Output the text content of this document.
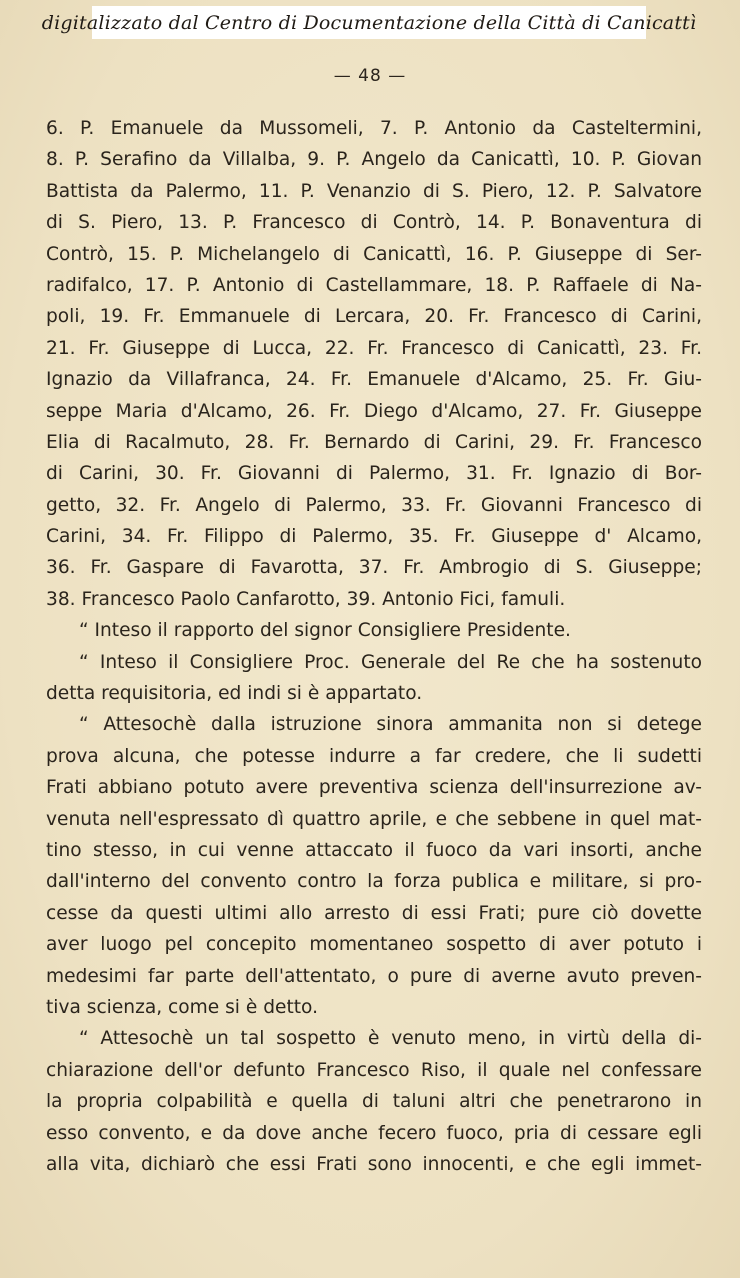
digitalizzato dal Centro di Documentazione della Città di Canicattì
— 48 —
6. P. Emanuele da Mussomeli, 7. P. Antonio da Casteltermini,
8. P. Serafino da Villalba, 9. P. Angelo da Canicattì, 10. P. Giovan
Battista da Palermo, 11. P. Venanzio di S. Piero, 12. P. Salvatore
di S. Piero, 13. P. Francesco di Contrò, 14. P. Bonaventura di
Contrò, 15. P. Michelangelo di Canicattì, 16. P. Giuseppe di Ser-
radifalco, 17. P. Antonio di Castellammare, 18. P. Raffaele di Na-
poli, 19. Fr. Emmanuele di Lercara, 20. Fr. Francesco di Carini,
21. Fr. Giuseppe di Lucca, 22. Fr. Francesco di Canicattì, 23. Fr.
Ignazio da Villafranca, 24. Fr. Emanuele d'Alcamo, 25. Fr. Giu-
seppe Maria d'Alcamo, 26. Fr. Diego d'Alcamo, 27. Fr. Giuseppe
Elia di Racalmuto, 28. Fr. Bernardo di Carini, 29. Fr. Francesco
di Carini, 30. Fr. Giovanni di Palermo, 31. Fr. Ignazio di Bor-
getto, 32. Fr. Angelo di Palermo, 33. Fr. Giovanni Francesco di
Carini, 34. Fr. Filippo di Palermo, 35. Fr. Giuseppe d' Alcamo,
36. Fr. Gaspare di Favarotta, 37. Fr. Ambrogio di S. Giuseppe;
38. Francesco Paolo Canfarotto, 39. Antonio Fici, famuli.
“ Inteso il rapporto del signor Consigliere Presidente.
“ Inteso il Consigliere Proc. Generale del Re che ha sostenuto
detta requisitoria, ed indi si è appartato.
“ Attesochè dalla istruzione sinora ammanita non si detege
prova alcuna, che potesse indurre a far credere, che li sudetti
Frati abbiano potuto avere preventiva scienza dell'insurrezione av-
venuta nell'espressato dì quattro aprile, e che sebbene in quel mat-
tino stesso, in cui venne attaccato il fuoco da vari insorti, anche
dall'interno del convento contro la forza publica e militare, si pro-
cesse da questi ultimi allo arresto di essi Frati; pure ciò dovette
aver luogo pel concepito momentaneo sospetto di aver potuto i
medesimi far parte dell'attentato, o pure di averne avuto preven-
tiva scienza, come si è detto.
“ Attesochè un tal sospetto è venuto meno, in virtù della di-
chiarazione dell'or defunto Francesco Riso, il quale nel confessare
la propria colpabilità e quella di taluni altri che penetrarono in
esso convento, e da dove anche fecero fuoco, pria di cessare egli
alla vita, dichiarò che essi Frati sono innocenti, e che egli immet-
